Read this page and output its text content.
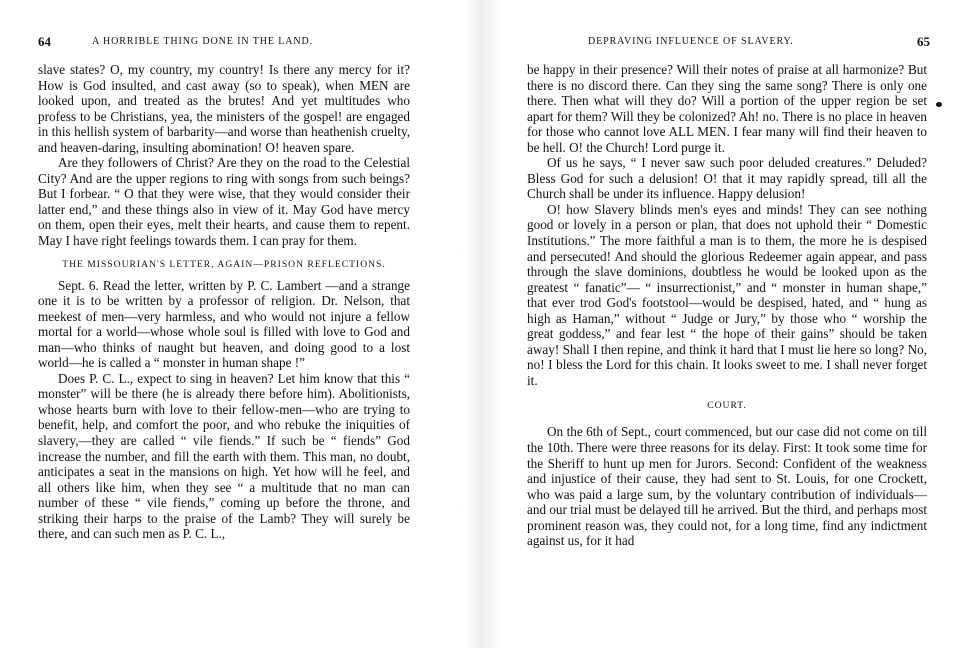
64	A HORRIBLE THING DONE IN THE LAND.

slave states? O, my country, my country! Is there any mercy for it? How is God insulted, and cast away (so to speak), when MEN are looked upon, and treated as the brutes! And yet multitudes who profess to be Christians, yea, the ministers of the gospel! are engaged in this hellish system of barbarity—and worse than heathenish cruelty, and heaven-daring, insulting abomination! O! heaven spare.

Are they followers of Christ? Are they on the road to the Celestial City? And are the upper regions to ring with songs from such beings? But I forbear. “ O that they were wise, that they would consider their latter end,” and these things also in view of it. May God have mercy on them, open their eyes, melt their hearts, and cause them to repent. May I have right feelings towards them. I can pray for them.

THE MISSOURIAN'S LETTER, AGAIN—PRISON REFLECTIONS.

Sept. 6. Read the letter, written by P. C. Lambert —and a strange one it is to be written by a professor of religion. Dr. Nelson, that meekest of men—very harmless, and who would not injure a fellow mortal for a world—whose whole soul is filled with love to God and man—who thinks of naught but heaven, and doing good to a lost world—he is called a “ monster in human shape !”

Does P. C. L., expect to sing in heaven? Let him know that this “ monster” will be there (he is already there before him). Abolitionists, whose hearts burn with love to their fellow-men—who are trying to benefit, help, and comfort the poor, and who rebuke the iniquities of slavery,—they are called “ vile fiends.” If such be “ fiends” God increase the number, and fill the earth with them. This man, no doubt, anticipates a seat in the mansions on high. Yet how will he feel, and all others like him, when they see “ a multitude that no man can number of these “ vile fiends,” coming up before the throne, and striking their harps to the praise of the Lamb? They will surely be there, and can such men as P. C. L.,

DEPRAVING INFLUENCE OF SLAVERY.	65

be happy in their presence? Will their notes of praise at all harmonize? But there is no discord there. Can they sing the same song? There is only one there. Then what will they do? Will a portion of the upper region be set apart for them? Will they be colonized? Ah! no. There is no place in heaven for those who cannot love ALL MEN. I fear many will find their heaven to be hell. O! the Church! Lord purge it.

Of us he says, “ I never saw such poor deluded creatures.” Deluded? Bless God for such a delusion! O! that it may rapidly spread, till all the Church shall be under its influence. Happy delusion!

O! how Slavery blinds men's eyes and minds! They can see nothing good or lovely in a person or plan, that does not uphold their “ Domestic Institutions.” The more faithful a man is to them, the more he is despised and persecuted! And should the glorious Redeemer again appear, and pass through the slave dominions, doubtless he would be looked upon as the greatest “ fanatic”— “ insurrectionist,” and “ monster in human shape,” that ever trod God's footstool—would be despised, hated, and “ hung as high as Haman,” without “ Judge or Jury,” by those who “ worship the great goddess,” and fear lest “ the hope of their gains” should be taken away! Shall I then repine, and think it hard that I must lie here so long? No, no! I bless the Lord for this chain. It looks sweet to me. I shall never forget it.

COURT.

On the 6th of Sept., court commenced, but our case did not come on till the 10th. There were three reasons for its delay. First: It took some time for the Sheriff to hunt up men for Jurors. Second: Confident of the weakness and injustice of their cause, they had sent to St. Louis, for one Crockett, who was paid a large sum, by the voluntary contribution of individuals—and our trial must be delayed till he arrived. But the third, and perhaps most prominent reason was, they could not, for a long time, find any indictment against us, for it had
